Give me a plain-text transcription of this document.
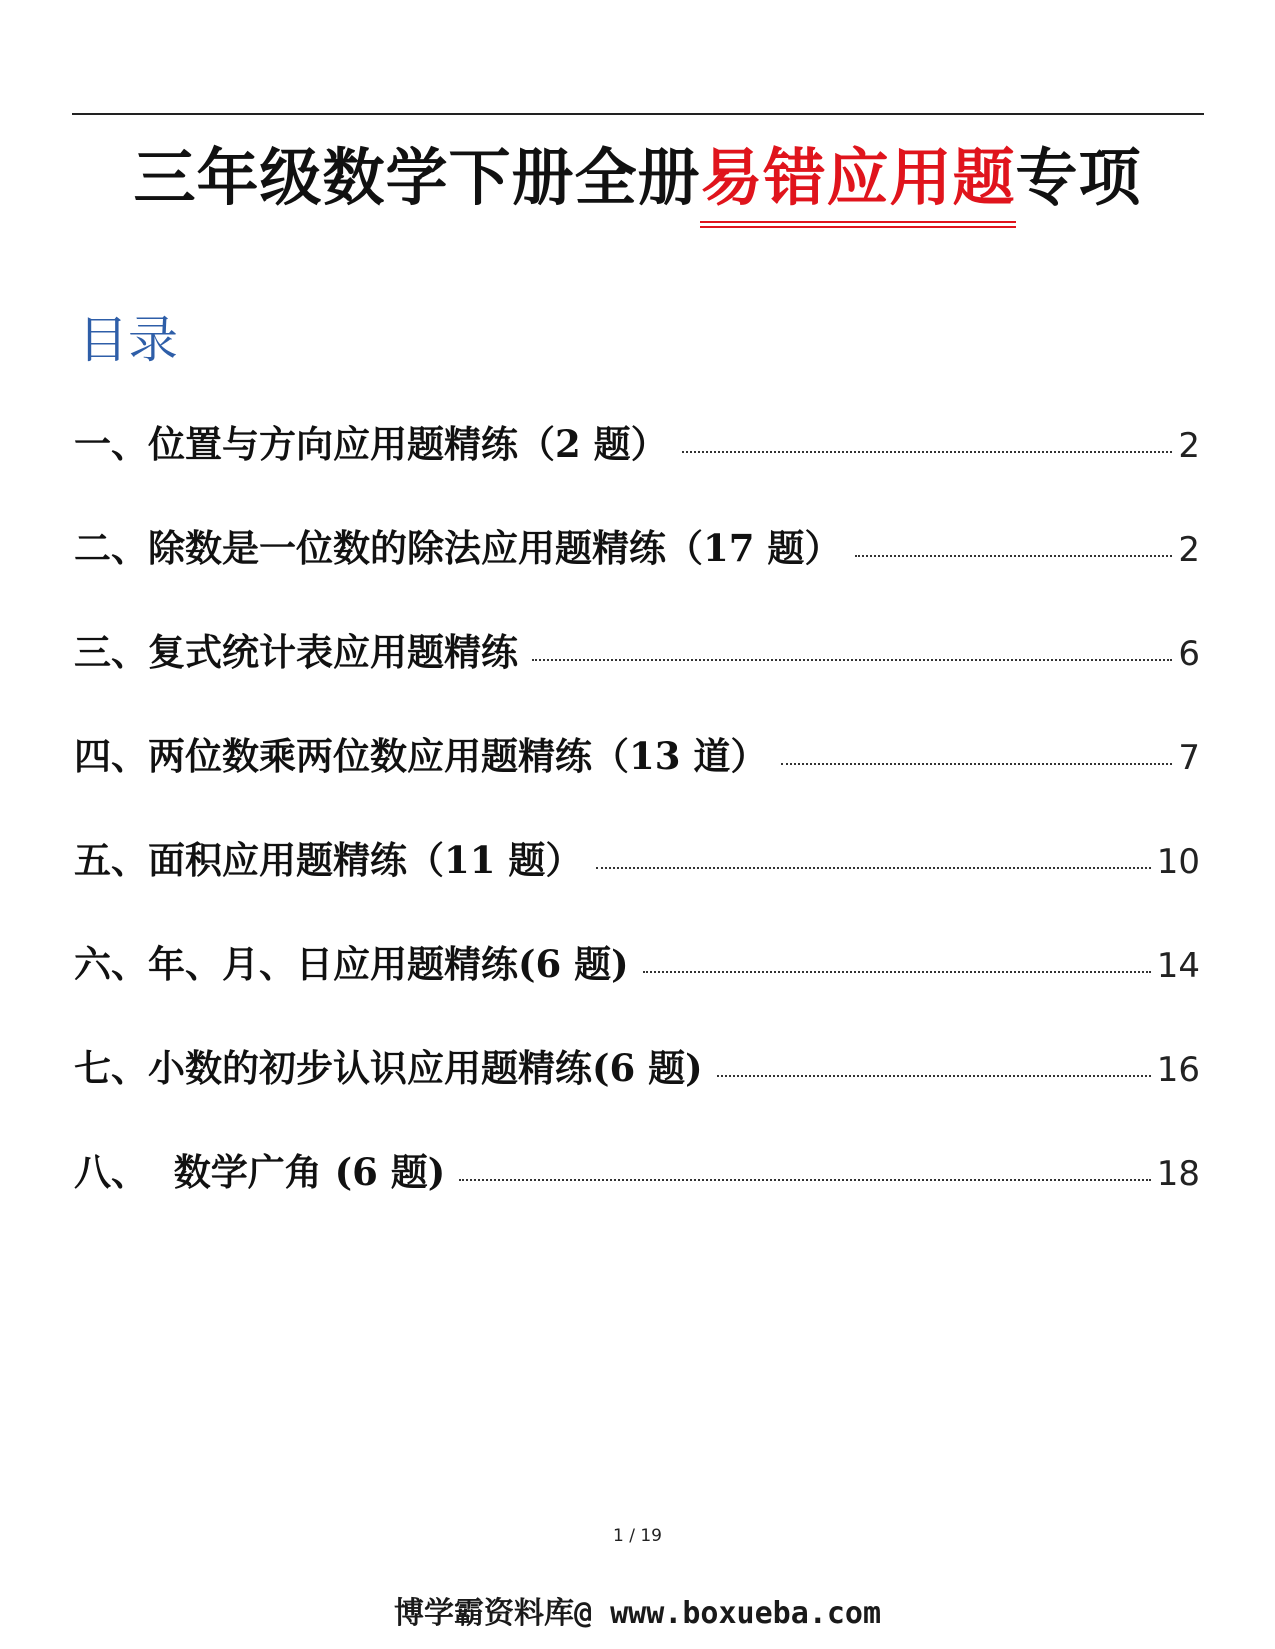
三年级数学下册全册易错应用题专项
目录
一、位置与方向应用题精练（2 题）	2
二、除数是一位数的除法应用题精练（17 题）	2
三、复式统计表应用题精练	6
四、两位数乘两位数应用题精练（13 道）	7
五、面积应用题精练（11 题）	10
六、年、月、日应用题精练(6 题)	14
七、小数的初步认识应用题精练(6 题)	16
八、  数学广角 (6 题)	18
1 / 19
博学霸资料库@ www.boxueba.com
